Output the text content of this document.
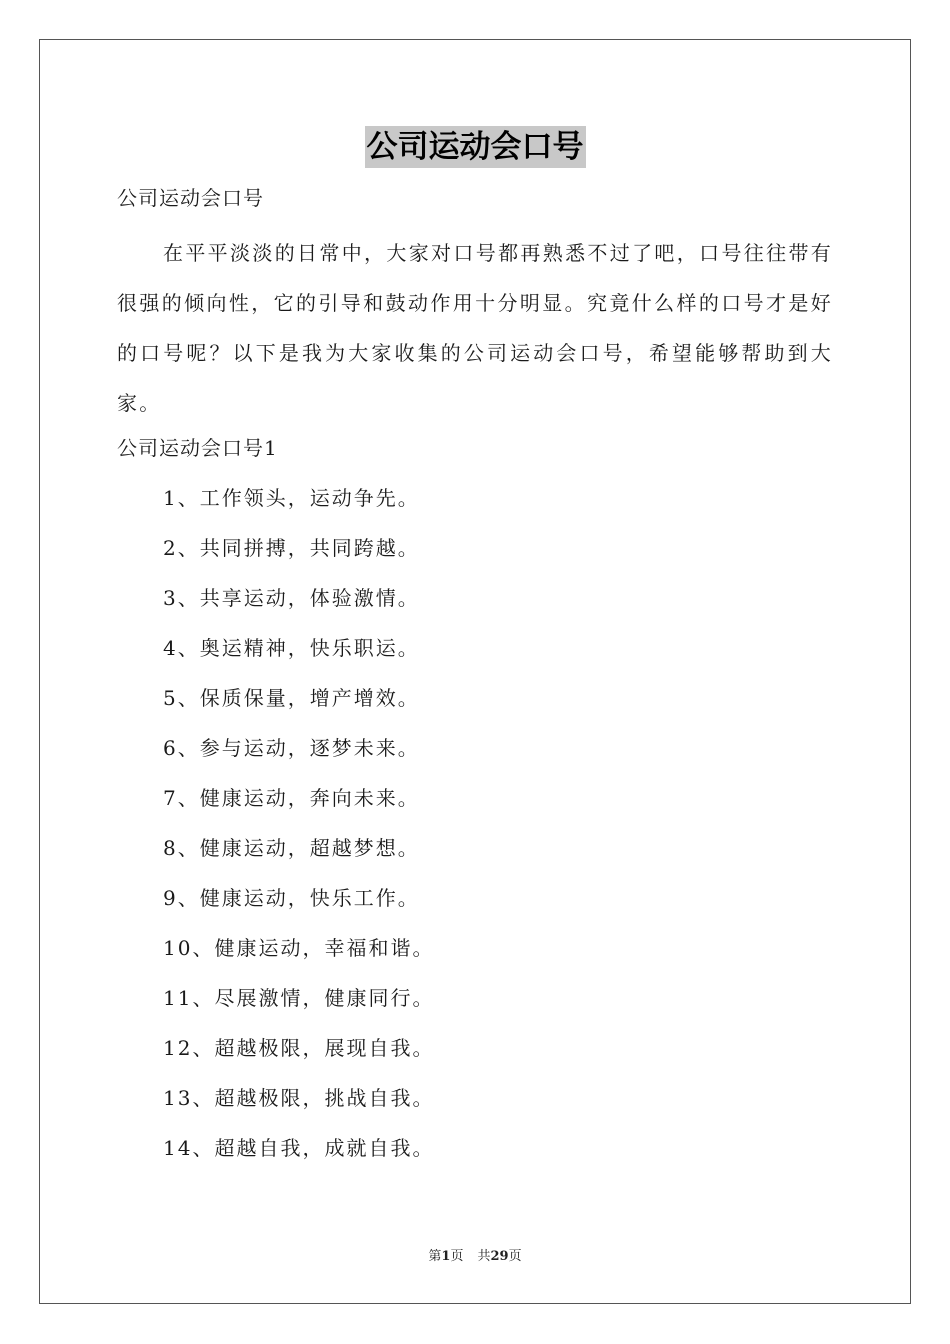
公司运动会口号
公司运动会口号

在平平淡淡的日常中，大家对口号都再熟悉不过了吧，口号往往带有很强的倾向性，它的引导和鼓动作用十分明显。究竟什么样的口号才是好的口号呢？以下是我为大家收集的公司运动会口号，希望能够帮助到大家。

公司运动会口号1
1、工作领头，运动争先。
2、共同拼搏，共同跨越。
3、共享运动，体验激情。
4、奥运精神，快乐职运。
5、保质保量，增产增效。
6、参与运动，逐梦未来。
7、健康运动，奔向未来。
8、健康运动，超越梦想。
9、健康运动，快乐工作。
10、健康运动，幸福和谐。
11、尽展激情，健康同行。
12、超越极限，展现自我。
13、超越极限，挑战自我。
14、超越自我，成就自我。
第1页 共29页
